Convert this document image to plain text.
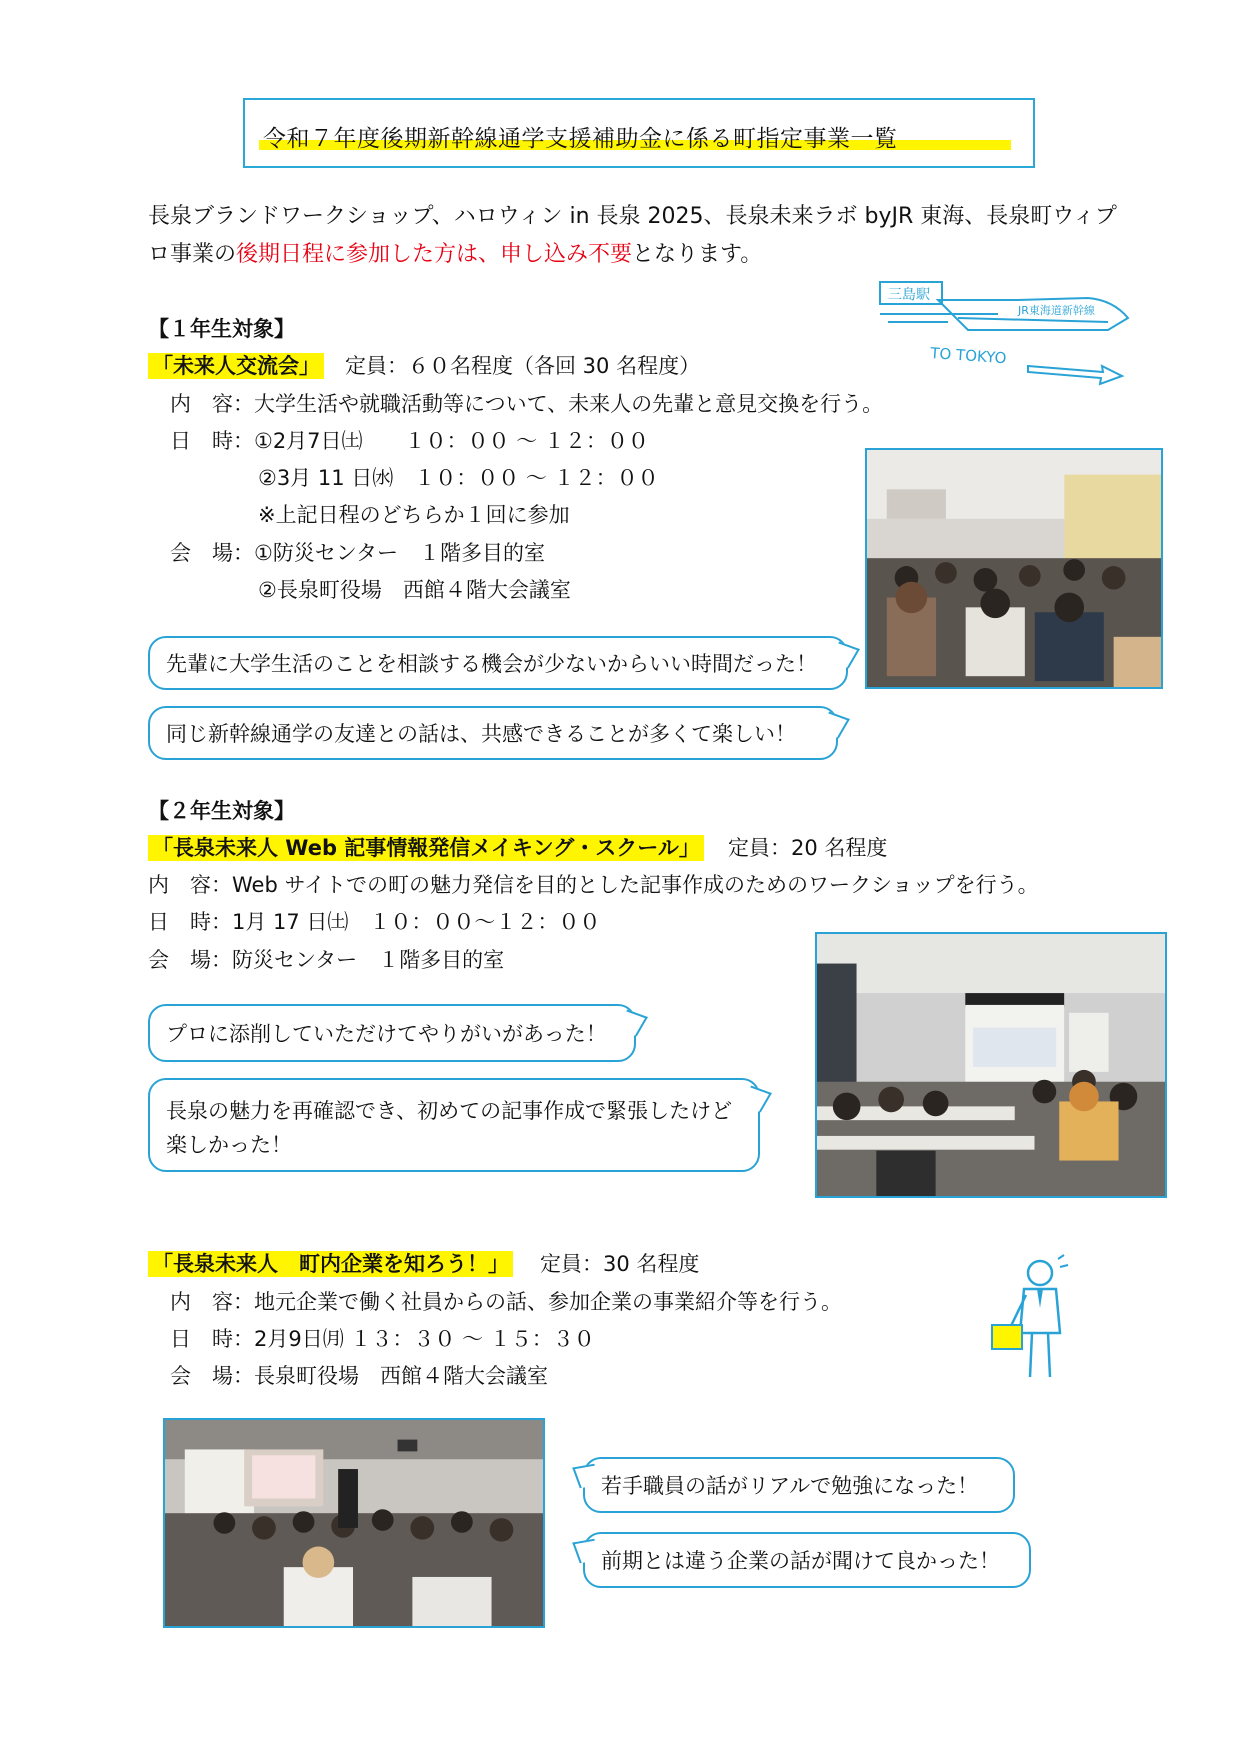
令和７年度後期新幹線通学支援補助金に係る町指定事業一覧
長泉ブランドワークショップ、ハロウィン in 長泉 2025、長泉未来ラボ byJR 東海、長泉町ウィプロ事業の後期日程に参加した方は、申し込み不要となります。
三島駅
JR東海道新幹線
TO TOKYO
【１年生対象】
「未来人交流会」 定員：６０名程度（各回 30 名程度）
内　容：大学生活や就職活動等について、未来人の先輩と意見交換を行う。
日　時：①2月7日㈯　　１０：００ ～ １２：００
②3月 11 日㈬　１０：００ ～ １２：００
※上記日程のどちらか１回に参加
会　場：①防災センター　１階多目的室
②長泉町役場　西館４階大会議室
先輩に大学生活のことを相談する機会が少ないからいい時間だった！
同じ新幹線通学の友達との話は、共感できることが多くて楽しい！
【２年生対象】
「長泉未来人 Web 記事情報発信メイキング・スクール」 定員：20 名程度
内　容：Web サイトでの町の魅力発信を目的とした記事作成のためのワークショップを行う。
日　時：1月 17 日㈯　１０：００～１２：００
会　場：防災センター　１階多目的室
プロに添削していただけてやりがいがあった！
長泉の魅力を再確認でき、初めての記事作成で緊張したけど
楽しかった！
「長泉未来人　町内企業を知ろう！」 定員：30 名程度
内　容：地元企業で働く社員からの話、参加企業の事業紹介等を行う。
日　時：2月9日㈪ １３：３０ ～ １５：３０
会　場：長泉町役場　西館４階大会議室
若手職員の話がリアルで勉強になった！
前期とは違う企業の話が聞けて良かった！
